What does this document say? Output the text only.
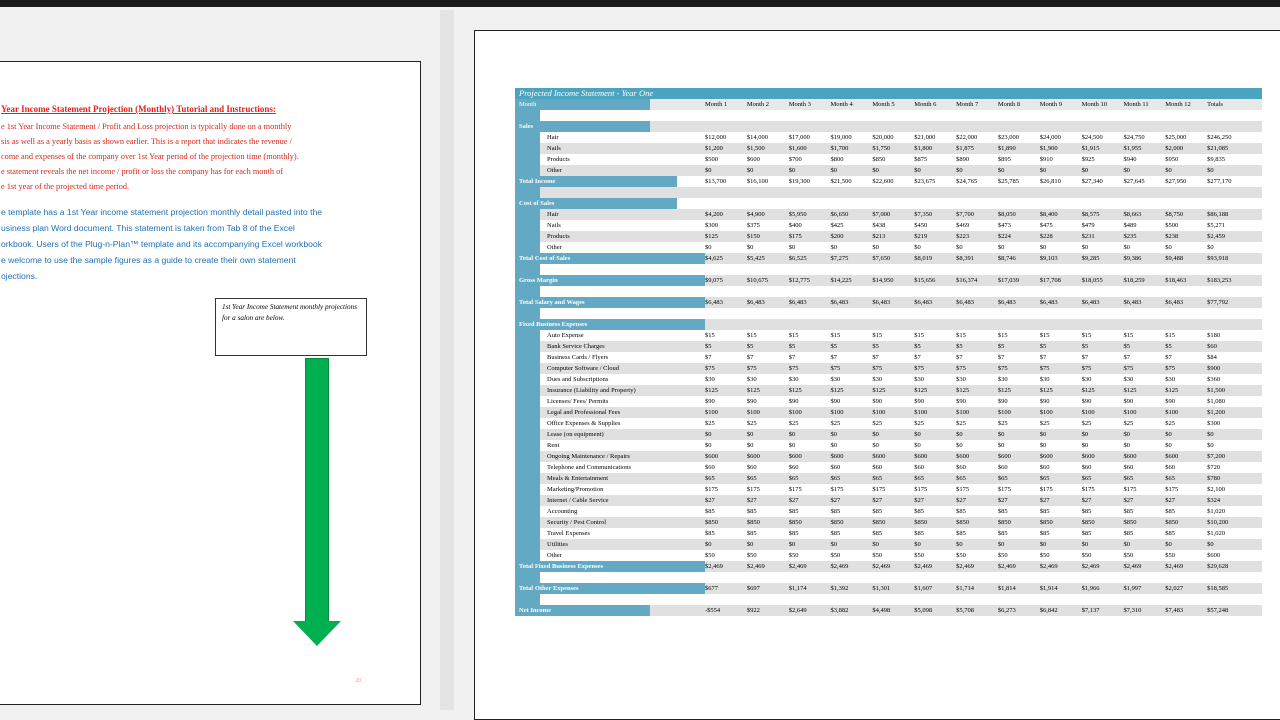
Year Income Statement Projection (Monthly) Tutorial and Instructions:
e 1st Year Income Statement / Profit and Loss projection is typically done on a monthly
sis as well as a yearly basis as shown earlier. This is a report that indicates the revenue /
come and expenses of the company over 1st Year period of the projection time (monthly).
e statement reveals the net income / profit or loss the company has for each month of
e 1st year of the projected time period.
e template has a 1st Year income statement projection monthly detail pasted into the
usiness plan Word document. This statement is taken from Tab 8 of the Excel
orkbook. Users of the Plug-n-Plan™ template and its accompanying Excel workbook
e welcome to use the sample figures as a guide to create their own statement
ojections.
1st Year Income Statement monthly projections for a salon are below.
20
Projected Income Statement - Year One
Month	Month 1	Month 2	Month 3	Month 4	Month 5	Month 6	Month 7	Month 8	Month 9	Month 10	Month 11	Month 12	Totals
Sales
Hair	$12,000	$14,000	$17,000	$19,000	$20,000	$21,000	$22,000	$23,000	$24,000	$24,500	$24,750	$25,000	$246,250
Nails	$1,200	$1,500	$1,600	$1,700	$1,750	$1,800	$1,875	$1,890	$1,900	$1,915	$1,955	$2,000	$21,085
Products	$500	$600	$700	$800	$850	$875	$890	$895	$910	$925	$940	$950	$9,835
Other	$0	$0	$0	$0	$0	$0	$0	$0	$0	$0	$0	$0	$0
Total Income	$13,700	$16,100	$19,300	$21,500	$22,600	$23,675	$24,765	$25,785	$26,810	$27,340	$27,645	$27,950	$277,170
Cost of Sales
Hair	$4,200	$4,900	$5,950	$6,650	$7,000	$7,350	$7,700	$8,050	$8,400	$8,575	$8,663	$8,750	$86,188
Nails	$300	$375	$400	$425	$438	$450	$469	$473	$475	$479	$489	$500	$5,271
Products	$125	$150	$175	$200	$213	$219	$223	$224	$228	$231	$235	$238	$2,459
Other	$0	$0	$0	$0	$0	$0	$0	$0	$0	$0	$0	$0	$0
Total Cost of Sales	$4,625	$5,425	$6,525	$7,275	$7,650	$8,019	$8,391	$8,746	$9,103	$9,285	$9,386	$9,488	$93,918
Gross Margin	$9,075	$10,675	$12,775	$14,225	$14,950	$15,656	$16,374	$17,039	$17,708	$18,055	$18,259	$18,463	$183,253
Total Salary and Wages	$6,483	$6,483	$6,483	$6,483	$6,483	$6,483	$6,483	$6,483	$6,483	$6,483	$6,483	$6,483	$77,792
Fixed Business Expenses
Auto Expense	$15	$15	$15	$15	$15	$15	$15	$15	$15	$15	$15	$15	$180
Bank Service Charges	$5	$5	$5	$5	$5	$5	$5	$5	$5	$5	$5	$5	$60
Business Cards / Flyers	$7	$7	$7	$7	$7	$7	$7	$7	$7	$7	$7	$7	$84
Computer Software / Cloud	$75	$75	$75	$75	$75	$75	$75	$75	$75	$75	$75	$75	$900
Dues and Subscriptions	$30	$30	$30	$30	$30	$30	$30	$30	$30	$30	$30	$30	$360
Insurance (Liability and Property)	$125	$125	$125	$125	$125	$125	$125	$125	$125	$125	$125	$125	$1,500
Licenses/ Fees/ Permits	$90	$90	$90	$90	$90	$90	$90	$90	$90	$90	$90	$90	$1,080
Legal and Professional Fees	$100	$100	$100	$100	$100	$100	$100	$100	$100	$100	$100	$100	$1,200
Office Expenses & Supplies	$25	$25	$25	$25	$25	$25	$25	$25	$25	$25	$25	$25	$300
Lease (on equipment)	$0	$0	$0	$0	$0	$0	$0	$0	$0	$0	$0	$0	$0
Rent	$0	$0	$0	$0	$0	$0	$0	$0	$0	$0	$0	$0	$0
Ongoing Maintenance / Repairs	$600	$600	$600	$600	$600	$600	$600	$600	$600	$600	$600	$600	$7,200
Telephone and Communications	$60	$60	$60	$60	$60	$60	$60	$60	$60	$60	$60	$60	$720
Meals & Entertainment	$65	$65	$65	$65	$65	$65	$65	$65	$65	$65	$65	$65	$780
Marketing/Promotion	$175	$175	$175	$175	$175	$175	$175	$175	$175	$175	$175	$175	$2,100
Internet / Cable Service	$27	$27	$27	$27	$27	$27	$27	$27	$27	$27	$27	$27	$324
Accounting	$85	$85	$85	$85	$85	$85	$85	$85	$85	$85	$85	$85	$1,020
Security / Pest Control	$850	$850	$850	$850	$850	$850	$850	$850	$850	$850	$850	$850	$10,200
Travel Expenses	$85	$85	$85	$85	$85	$85	$85	$85	$85	$85	$85	$85	$1,020
Utilities	$0	$0	$0	$0	$0	$0	$0	$0	$0	$0	$0	$0	$0
Other	$50	$50	$50	$50	$50	$50	$50	$50	$50	$50	$50	$50	$600
Total Fixed Business Expenses	$2,469	$2,469	$2,469	$2,469	$2,469	$2,469	$2,469	$2,469	$2,469	$2,469	$2,469	$2,469	$29,628
Total Other Expenses	$677	$697	$1,174	$1,392	$1,301	$1,607	$1,714	$1,814	$1,914	$1,966	$1,997	$2,027	$18,585
Net Income	-$554	$922	$2,649	$3,882	$4,498	$5,098	$5,708	$6,273	$6,842	$7,137	$7,310	$7,483	$57,248
